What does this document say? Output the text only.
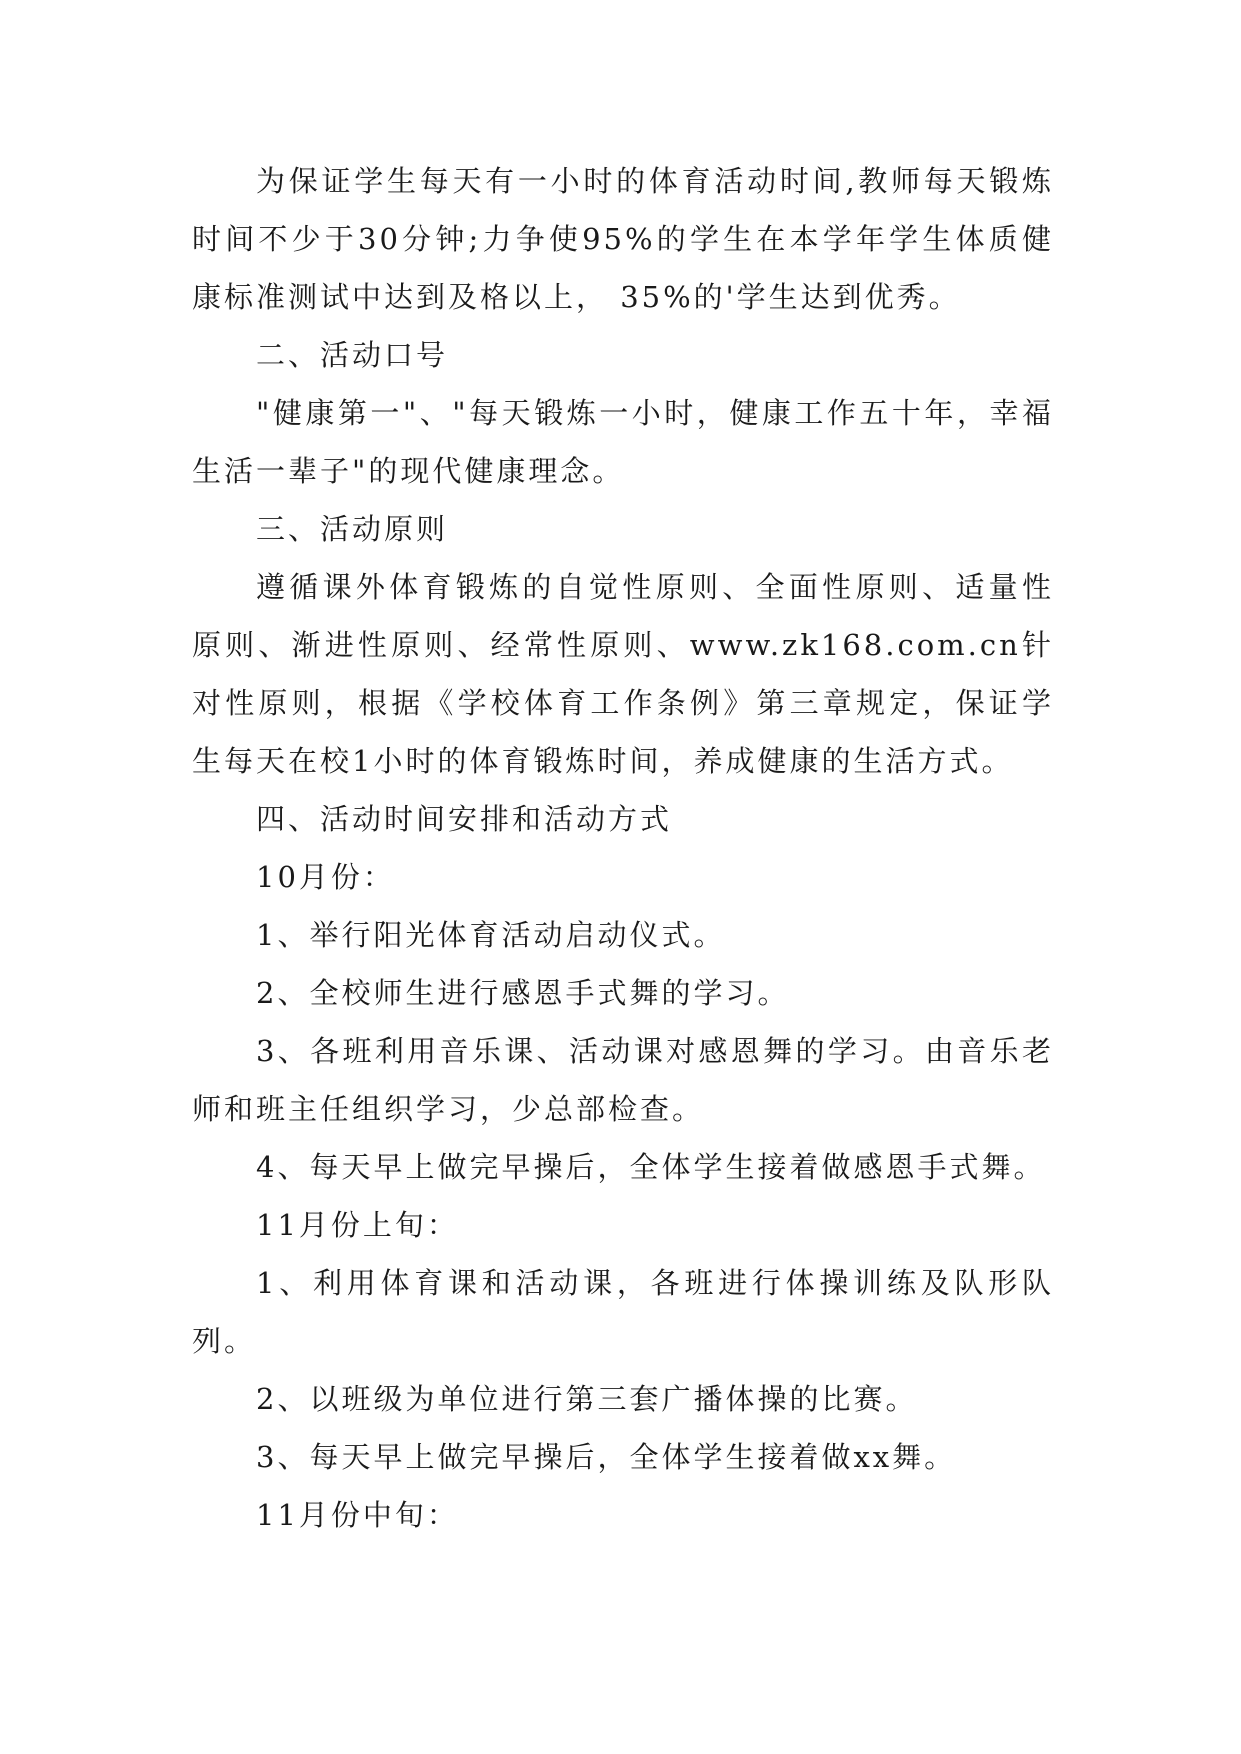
为保证学生每天有一小时的体育活动时间,教师每天锻炼时间不少于30分钟;力争使95%的学生在本学年学生体质健康标准测试中达到及格以上， 35%的'学生达到优秀。

二、活动口号

"健康第一"、"每天锻炼一小时，健康工作五十年，幸福生活一辈子"的现代健康理念。

三、活动原则

遵循课外体育锻炼的自觉性原则、全面性原则、适量性原则、渐进性原则、经常性原则、www.zk168.com.cn针对性原则，根据《学校体育工作条例》第三章规定，保证学生每天在校1小时的体育锻炼时间，养成健康的生活方式。

四、活动时间安排和活动方式

10月份：

1、举行阳光体育活动启动仪式。

2、全校师生进行感恩手式舞的学习。

3、各班利用音乐课、活动课对感恩舞的学习。由音乐老师和班主任组织学习，少总部检查。

4、每天早上做完早操后，全体学生接着做感恩手式舞。

11月份上旬：

1、利用体育课和活动课，各班进行体操训练及队形队列。

2、以班级为单位进行第三套广播体操的比赛。

3、每天早上做完早操后，全体学生接着做xx舞。

11月份中旬：
